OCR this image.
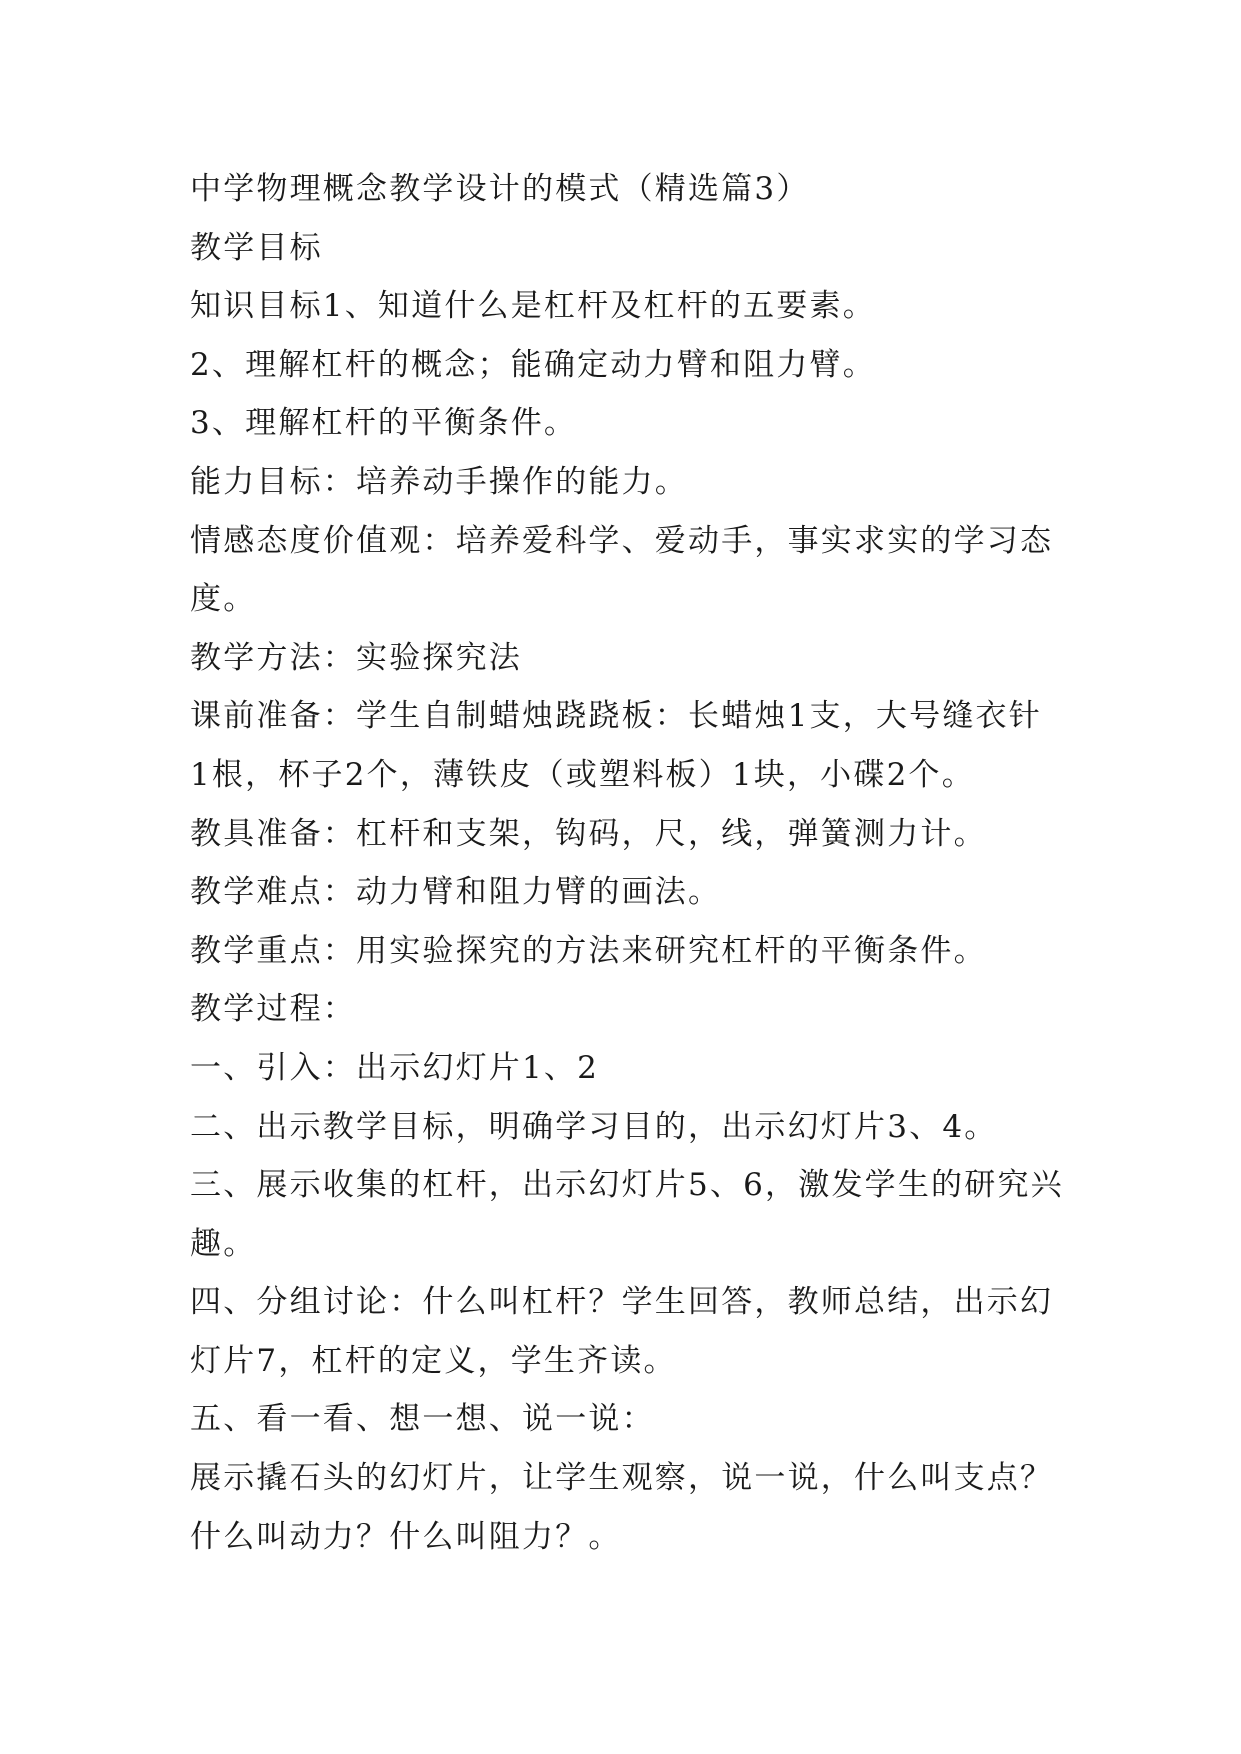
中学物理概念教学设计的模式（精选篇3）
教学目标
知识目标1、知道什么是杠杆及杠杆的五要素。
2、理解杠杆的概念；能确定动力臂和阻力臂。
3、理解杠杆的平衡条件。
能力目标：培养动手操作的能力。
情感态度价值观：培养爱科学、爱动手，事实求实的学习态
度。
教学方法：实验探究法
课前准备：学生自制蜡烛跷跷板：长蜡烛1支，大号缝衣针
1根，杯子2个，薄铁皮（或塑料板）1块，小碟2个。
教具准备：杠杆和支架，钩码，尺，线，弹簧测力计。
教学难点：动力臂和阻力臂的画法。
教学重点：用实验探究的方法来研究杠杆的平衡条件。
教学过程：
一、引入：出示幻灯片1、2
二、出示教学目标，明确学习目的，出示幻灯片3、4。
三、展示收集的杠杆，出示幻灯片5、6，激发学生的研究兴
趣。
四、分组讨论：什么叫杠杆？学生回答，教师总结，出示幻
灯片7，杠杆的定义，学生齐读。
五、看一看、想一想、说一说：
展示撬石头的幻灯片，让学生观察，说一说，什么叫支点？
什么叫动力？什么叫阻力？。
